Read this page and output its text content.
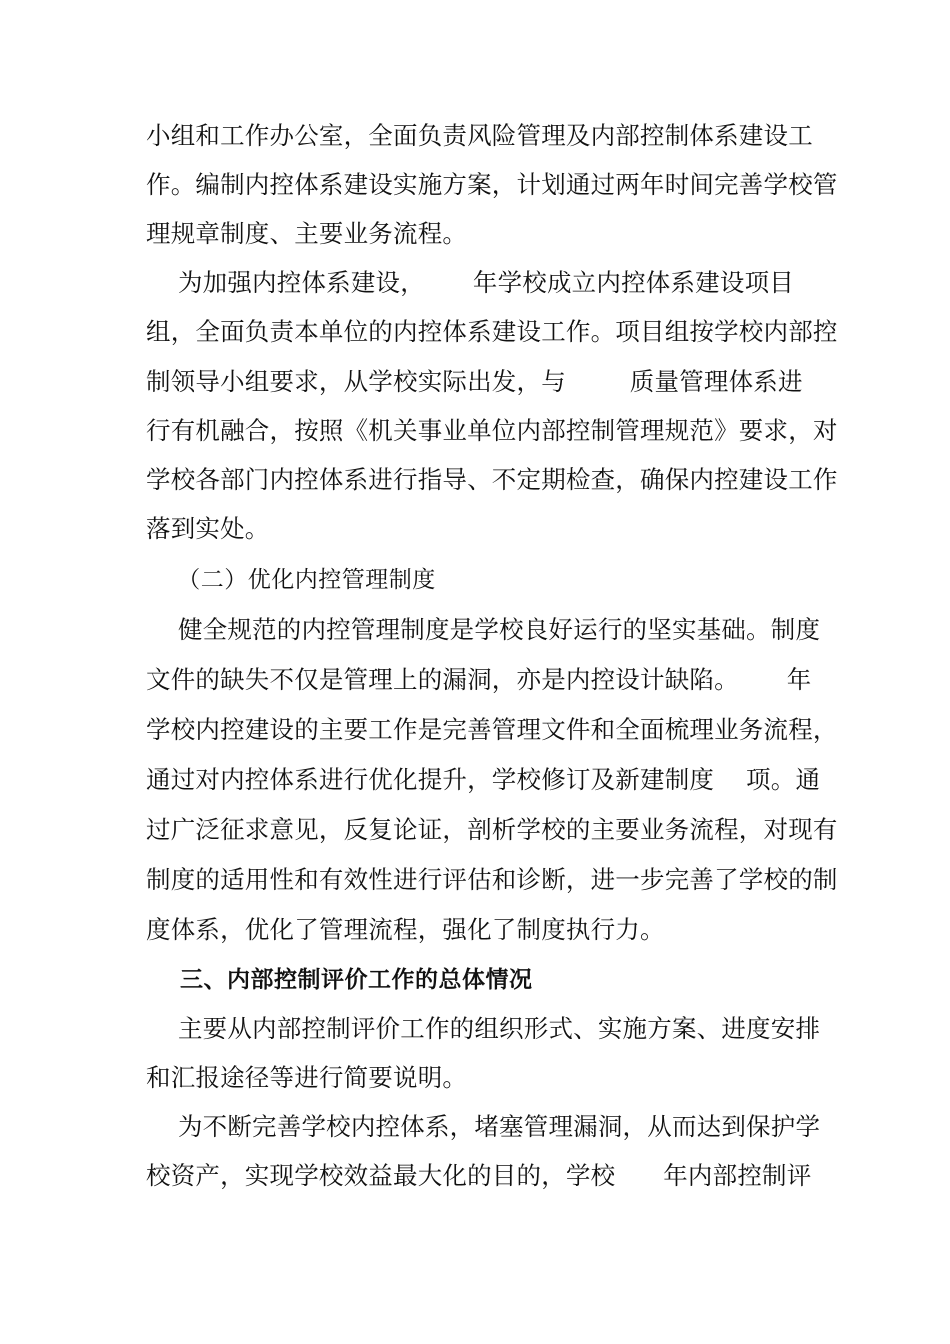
小组和工作办公室，全面负责风险管理及内部控制体系建设工
作。编制内控体系建设实施方案，计划通过两年时间完善学校管
理规章制度、主要业务流程。
为加强内控体系建设，      年学校成立内控体系建设项目
组，全面负责本单位的内控体系建设工作。项目组按学校内部控
制领导小组要求，从学校实际出发，与        质量管理体系进
行有机融合，按照《机关事业单位内部控制管理规范》要求，对
学校各部门内控体系进行指导、不定期检查，确保内控建设工作
落到实处。
（二）优化内控管理制度
健全规范的内控管理制度是学校良好运行的坚实基础。制度
文件的缺失不仅是管理上的漏洞，亦是内控设计缺陷。      年
学校内控建设的主要工作是完善管理文件和全面梳理业务流程，
通过对内控体系进行优化提升，学校修订及新建制度    项。通
过广泛征求意见，反复论证，剖析学校的主要业务流程，对现有
制度的适用性和有效性进行评估和诊断，进一步完善了学校的制
度体系，优化了管理流程，强化了制度执行力。
三、内部控制评价工作的总体情况
主要从内部控制评价工作的组织形式、实施方案、进度安排
和汇报途径等进行简要说明。
为不断完善学校内控体系，堵塞管理漏洞，从而达到保护学
校资产，实现学校效益最大化的目的，学校      年内部控制评
